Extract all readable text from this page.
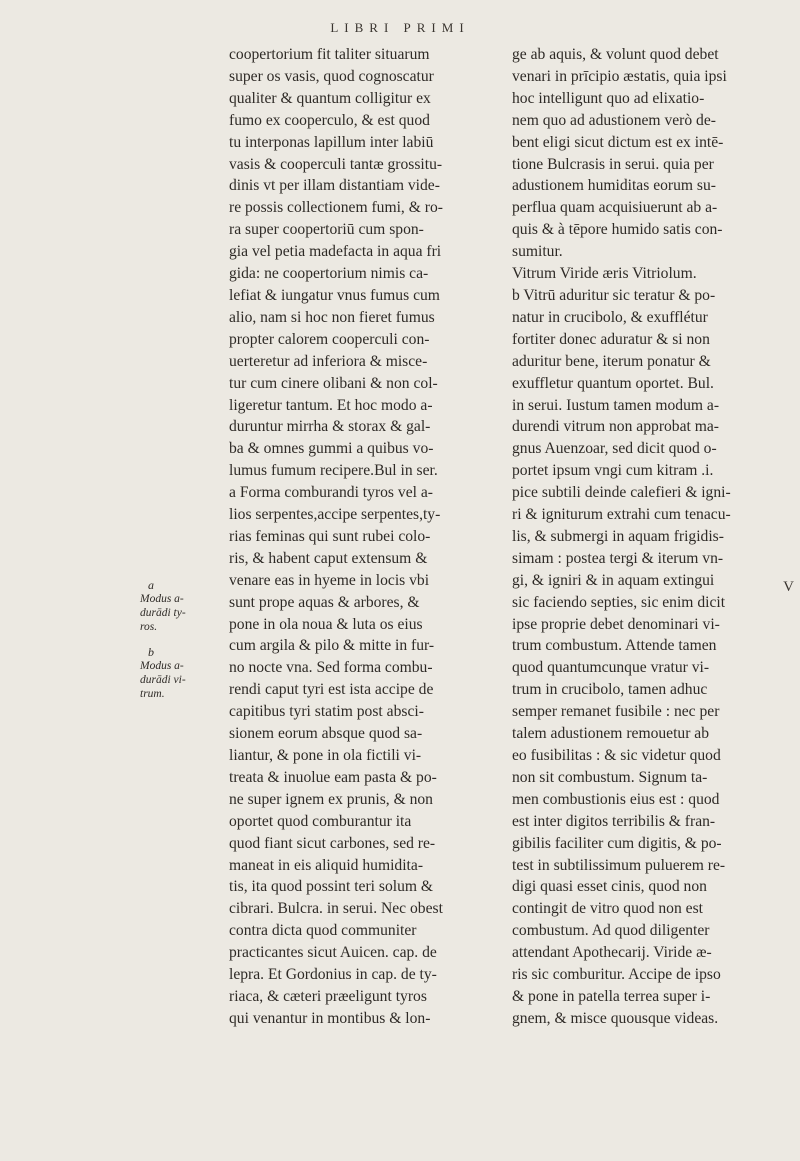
LIBRI PRIMI
a
Modus a-
durādi ty-
ros.
b
Modus a-
durādi vi-
trum.
coopertorium fit taliter situarum
super os vasis, quod cognoscatur
qualiter & quantum colligitur ex
fumo ex cooperculo, & est quod
tu interponas lapillum inter labiū
vasis & cooperculi tantæ grossitu-
dinis vt per illam distantiam vide-
re possis collectionem fumi, & ro-
ra super coopertoriū cum spon-
gia vel petia madefacta in aqua fri
gida: ne coopertorium nimis ca-
lefiat & iungatur vnus fumus cum
alio, nam si hoc non fieret fumus
propter calorem cooperculi con-
uerteretur ad inferiora & misce-
tur cum cinere olibani & non col-
ligeretur tantum. Et hoc modo a-
duruntur mirrha & storax & gal-
ba & omnes gummi a quibus vo-
lumus fumum recipere.Bul in ser.
a Forma comburandi tyros vel a-
lios serpentes,accipe serpentes,ty-
rias feminas qui sunt rubei colo-
ris, & habent caput extensum &
venare eas in hyeme in locis vbi
sunt prope aquas & arbores, &
pone in ola noua & luta os eius
cum argila & pilo & mitte in fur-
no nocte vna. Sed forma combu-
rendi caput tyri est ista accipe de
capitibus tyri statim post absci-
sionem eorum absque quod sa-
liantur, & pone in ola fictili vi-
treata & inuolue eam pasta & po-
ne super ignem ex prunis, & non
oportet quod comburantur ita
quod fiant sicut carbones, sed re-
maneat in eis aliquid humidita-
tis, ita quod possint teri solum &
cibrari. Bulcra. in serui. Nec obest
contra dicta quod communiter
practicantes sicut Auicen. cap. de
lepra. Et Gordonius in cap. de ty-
riaca, & cæteri præeligunt tyros
qui venantur in montibus & lon-
ge ab aquis, & volunt quod debet
venari in prīcipio æstatis, quia ipsi
hoc intelligunt quo ad elixatio-
nem quo ad adustionem verò de-
bent eligi sicut dictum est ex intē-
tione Bulcrasis in serui. quia per
adustionem humiditas eorum su-
perflua quam acquisiuerunt ab a-
quis & à tēpore humido satis con-
sumitur.
Vitrum Viride æris Vitriolum.
b Vitrū aduritur sic teratur & po-
natur in crucibolo, & exufflétur
fortiter donec aduratur & si non
aduritur bene, iterum ponatur &
exuffletur quantum oportet. Bul.
in serui. Iustum tamen modum a-
durendi vitrum non approbat ma-
gnus Auenzoar, sed dicit quod o-
portet ipsum vngi cum kitram .i.
pice subtili deinde calefieri & igni-
ri & igniturum extrahi cum tenacu-
lis, & submergi in aquam frigidis-
simam : postea tergi & iterum vn-
gi, & igniri & in aquam extingui
sic faciendo septies, sic enim dicit
ipse proprie debet denominari vi-
trum combustum. Attende tamen
quod quantumcunque vratur vi-
trum in crucibolo, tamen adhuc
semper remanet fusibile : nec per
talem adustionem remouetur ab
eo fusibilitas : & sic videtur quod
non sit combustum. Signum ta-
men combustionis eius est : quod
est inter digitos terribilis & fran-
gibilis faciliter cum digitis, & po-
test in subtilissimum puluerem re-
digi quasi esset cinis, quod non
contingit de vitro quod non est
combustum. Ad quod diligenter
attendant Apothecarij. Viride æ-
ris sic comburitur. Accipe de ipso
& pone in patella terrea super i-
gnem, & misce quousque videas.
V
